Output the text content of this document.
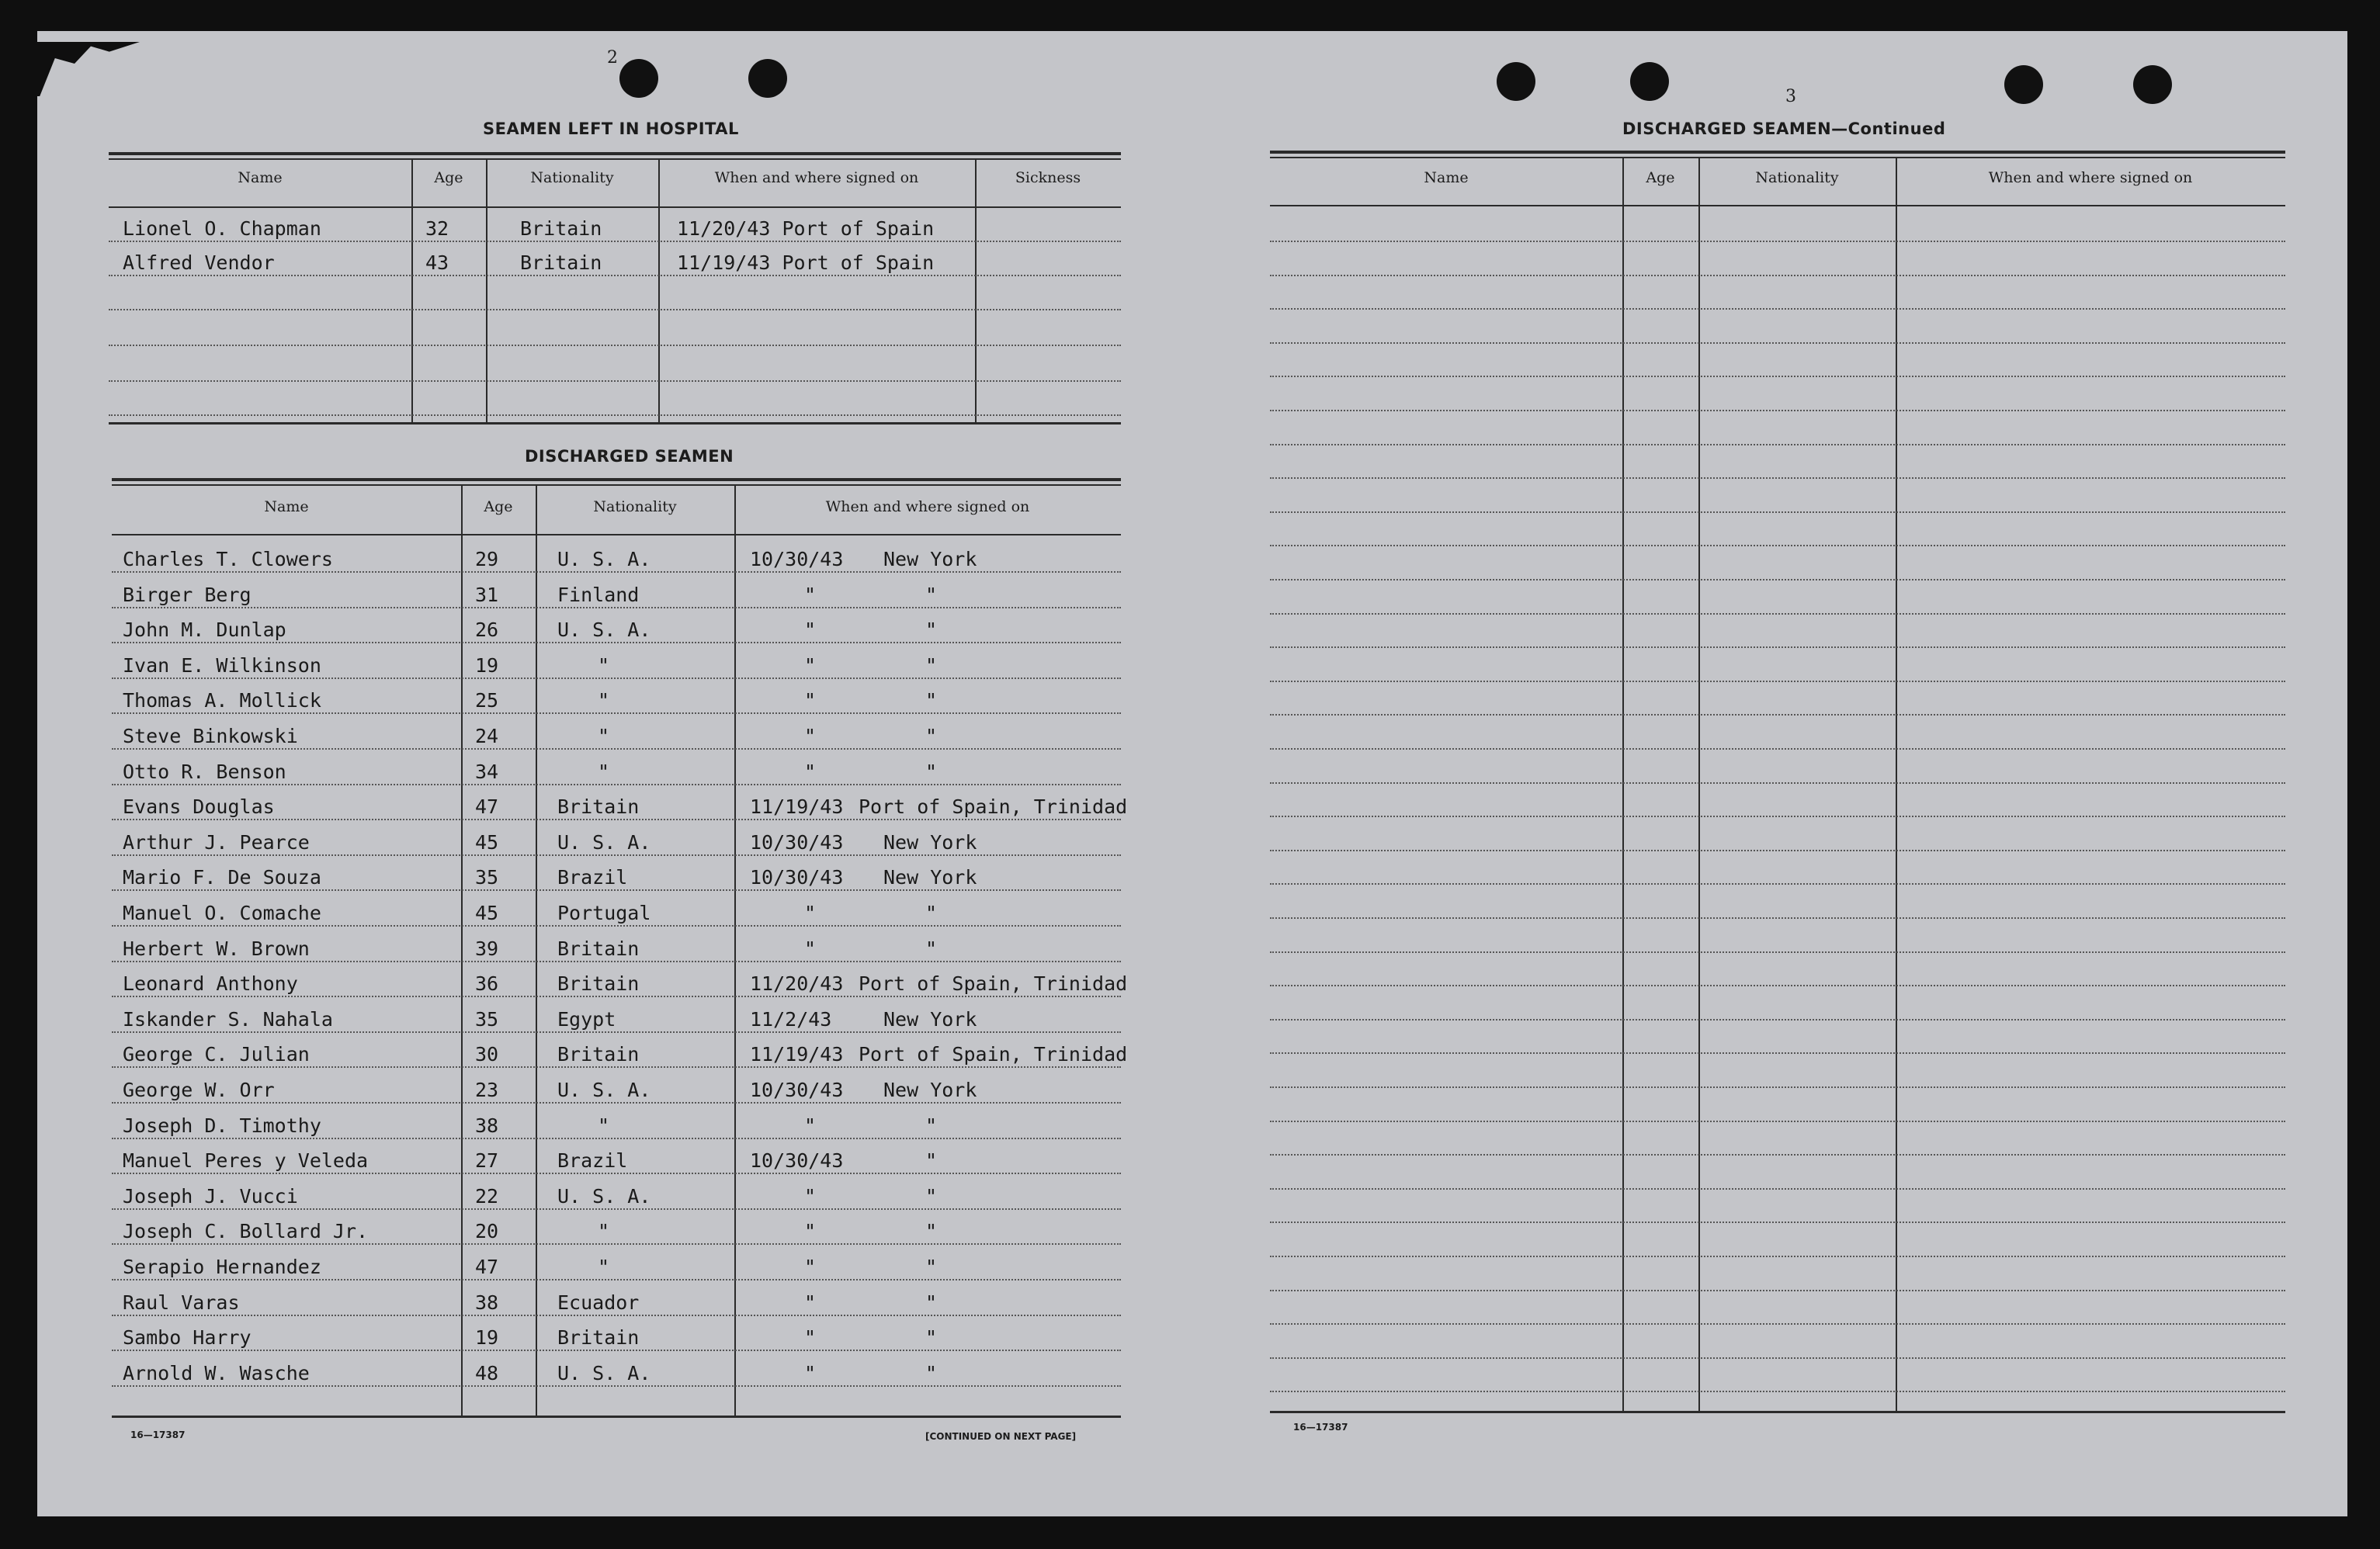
2
SEAMEN LEFT IN HOSPITAL
Name	Age	Nationality	When and where signed on	Sickness
Lionel O. Chapman	32	Britain	11/20/43 Port of Spain
Alfred Vendor	43	Britain	11/19/43 Port of Spain
DISCHARGED SEAMEN
Name	Age	Nationality	When and where signed on
Charles T. Clowers	29	U. S. A.	10/30/43 New York
Birger Berg	31	Finland	"	"
John M. Dunlap	26	U. S. A.	"	"
Ivan E. Wilkinson	19	"	"	"
Thomas A. Mollick	25	"	"	"
Steve Binkowski	24	"	"	"
Otto R. Benson	34	"	"	"
Evans Douglas	47	Britain	11/19/43 Port of Spain, Trinidad
Arthur J. Pearce	45	U. S. A.	10/30/43 New York
Mario F. De Souza	35	Brazil	10/30/43 New York
Manuel O. Comache	45	Portugal	"	"
Herbert W. Brown	39	Britain	"	"
Leonard Anthony	36	Britain	11/20/43 Port of Spain, Trinidad
Iskander S. Nahala	35	Egypt	11/2/43	New York
George C. Julian	30	Britain	11/19/43 Port of Spain, Trinidad
George W. Orr	23	U. S. A.	10/30/43 New York
Joseph D. Timothy	38	"	"	"
Manuel Peres y Veleda	27	Brazil	10/30/43	"
Joseph J. Vucci	22	U. S. A.	"	"
Joseph C. Bollard Jr.	20	"	"	"
Serapio Hernandez	47	"	"	"
Raul Varas	38	Ecuador	"	"
Sambo Harry	19	Britain	"	"
Arnold W. Wasche	48	U. S. A.	"	"
16—17387	[CONTINUED ON NEXT PAGE]
3
DISCHARGED SEAMEN—Continued
Name	Age	Nationality	When and where signed on
16—17387
